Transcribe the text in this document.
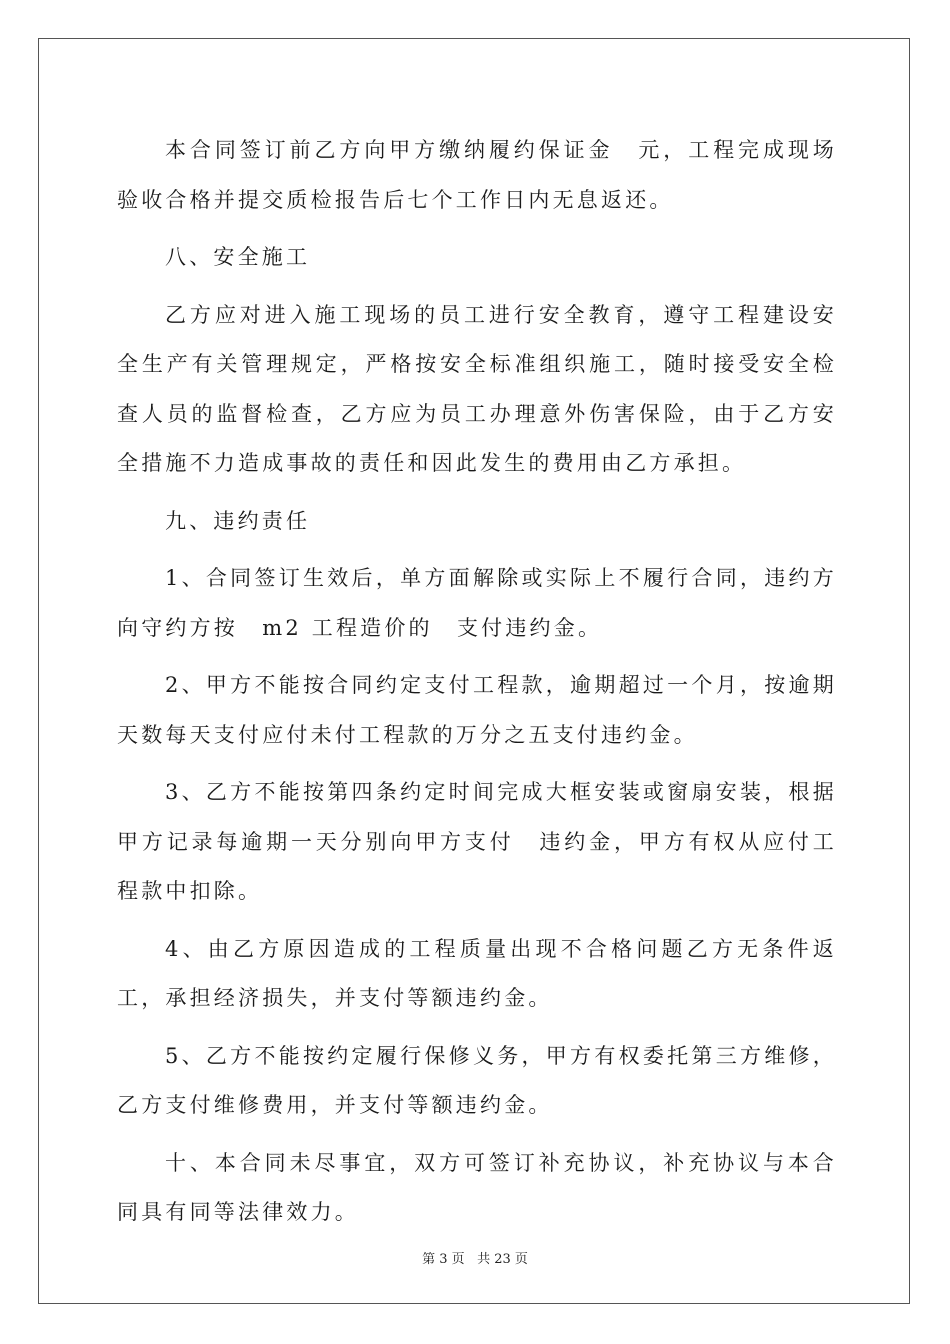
本合同签订前乙方向甲方缴纳履约保证金　元，工程完成现场验收合格并提交质检报告后七个工作日内无息返还。

八、安全施工

乙方应对进入施工现场的员工进行安全教育，遵守工程建设安全生产有关管理规定，严格按安全标准组织施工，随时接受安全检查人员的监督检查，乙方应为员工办理意外伤害保险，由于乙方安全措施不力造成事故的责任和因此发生的费用由乙方承担。

九、违约责任

1、合同签订生效后，单方面解除或实际上不履行合同，违约方向守约方按　m2 工程造价的　支付违约金。

2、甲方不能按合同约定支付工程款，逾期超过一个月，按逾期天数每天支付应付未付工程款的万分之五支付违约金。

3、乙方不能按第四条约定时间完成大框安装或窗扇安装，根据甲方记录每逾期一天分别向甲方支付　违约金，甲方有权从应付工程款中扣除。

4、由乙方原因造成的工程质量出现不合格问题乙方无条件返工，承担经济损失，并支付等额违约金。

5、乙方不能按约定履行保修义务，甲方有权委托第三方维修，乙方支付维修费用，并支付等额违约金。

十、本合同未尽事宜，双方可签订补充协议，补充协议与本合同具有同等法律效力。

第 3 页 共 23 页
